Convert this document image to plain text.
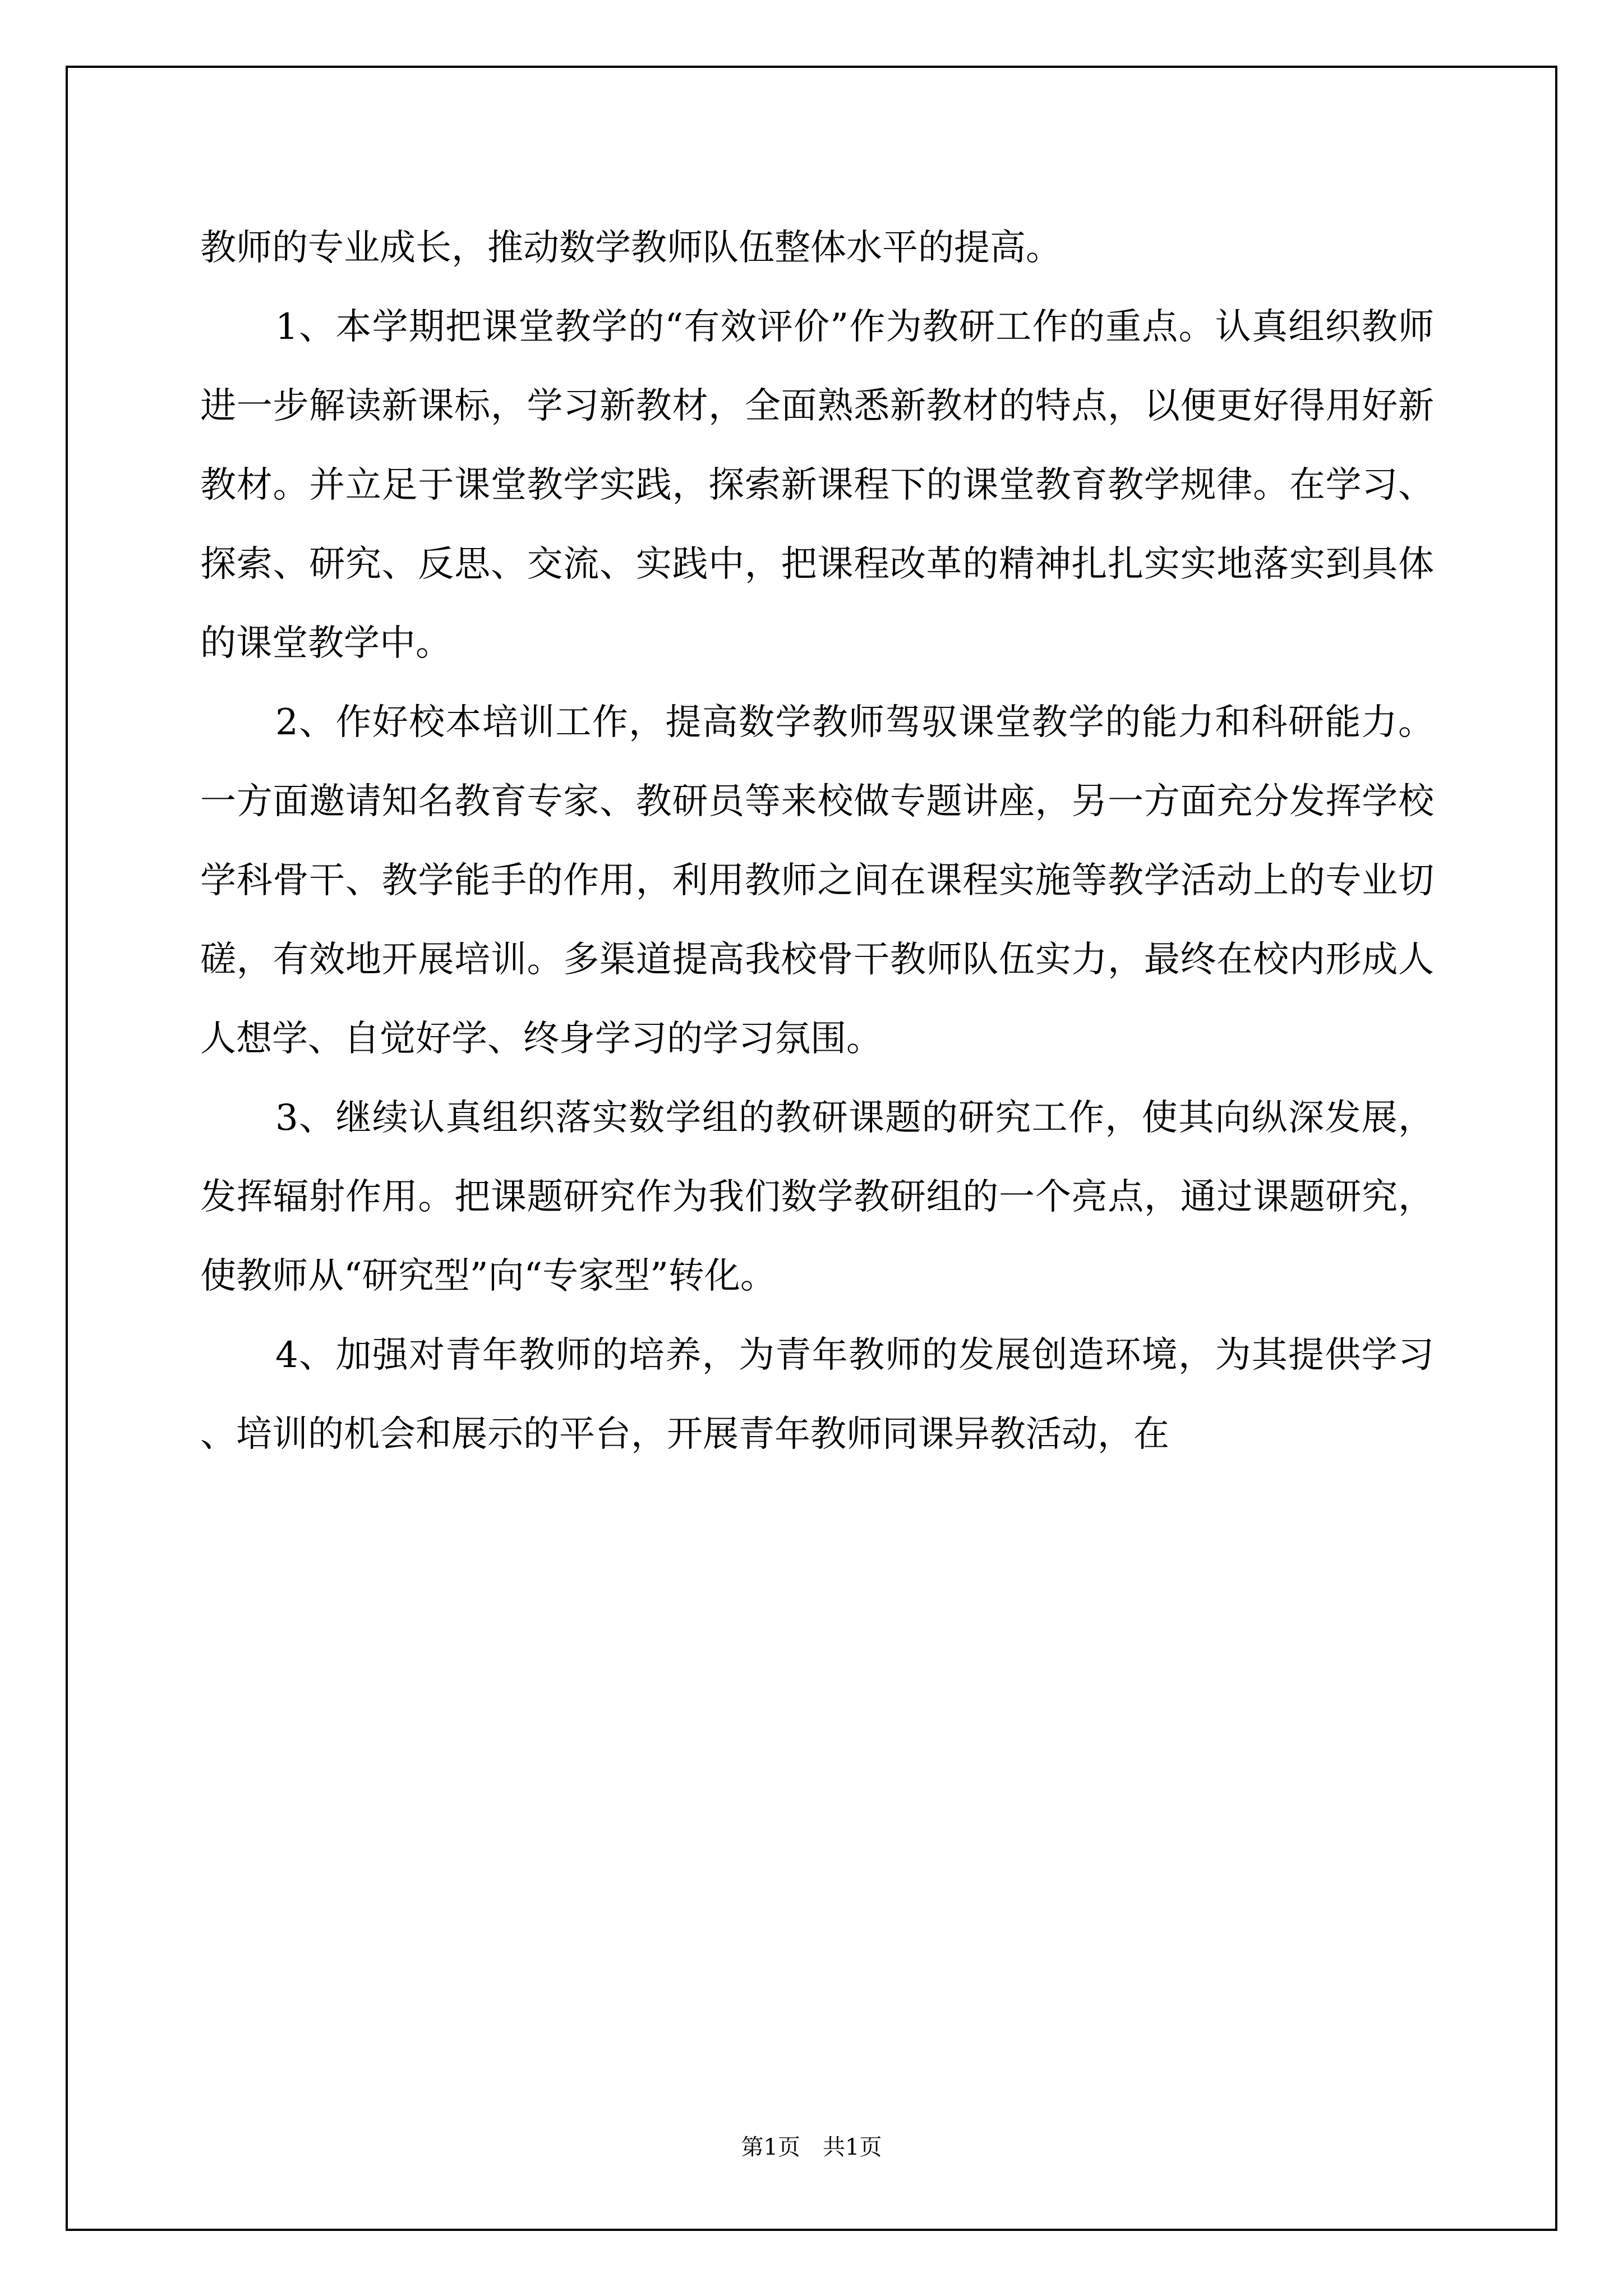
教师的专业成长，推动数学教师队伍整体水平的提高。

1、本学期把课堂教学的“有效评价”作为教研工作的重点。认真组织教师进一步解读新课标，学习新教材，全面熟悉新教材的特点，以便更好得用好新教材。并立足于课堂教学实践，探索新课程下的课堂教育教学规律。在学习、探索、研究、反思、交流、实践中，把课程改革的精神扎扎实实地落实到具体的课堂教学中。

2、作好校本培训工作，提高数学教师驾驭课堂教学的能力和科研能力。一方面邀请知名教育专家、教研员等来校做专题讲座，另一方面充分发挥学校学科骨干、教学能手的作用，利用教师之间在课程实施等教学活动上的专业切磋，有效地开展培训。多渠道提高我校骨干教师队伍实力，最终在校内形成人人想学、自觉好学、终身学习的学习氛围。

3、继续认真组织落实数学组的教研课题的研究工作，使其向纵深发展，发挥辐射作用。把课题研究作为我们数学教研组的一个亮点，通过课题研究，使教师从“研究型”向“专家型”转化。

4、加强对青年教师的培养，为青年教师的发展创造环境，为其提供学习、培训的机会和展示的平台，开展青年教师同课异教活动，在

第1页　共1页
